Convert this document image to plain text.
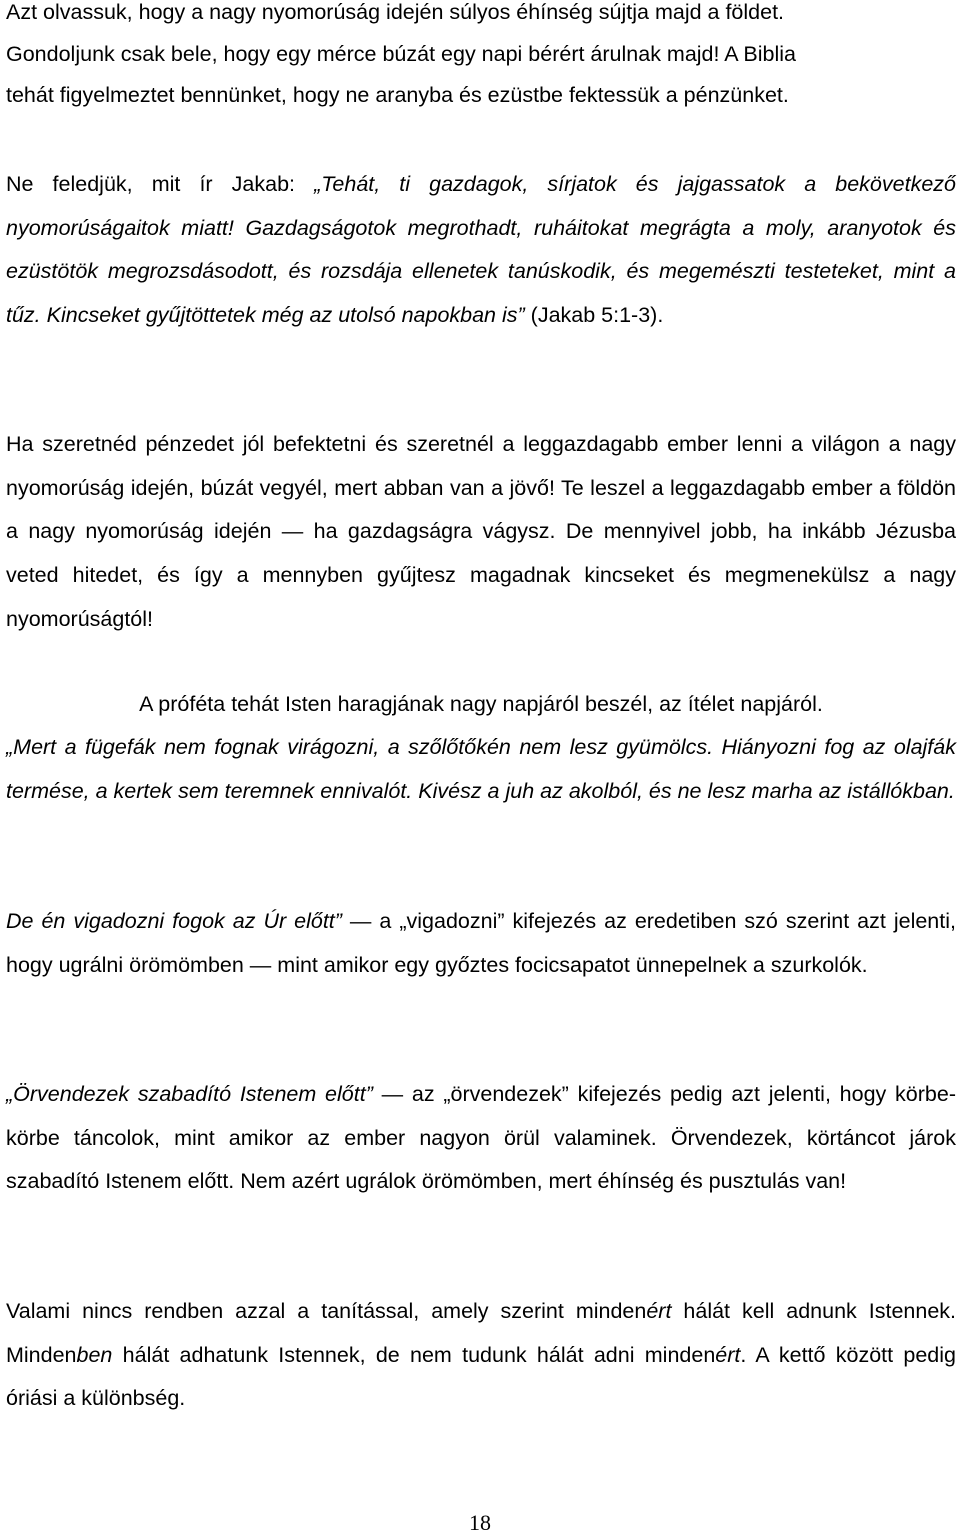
Azt olvassuk, hogy a nagy nyomorúság idején súlyos éhínség sújtja majd a földet.
Gondoljunk csak bele, hogy egy mérce búzát egy napi bérért árulnak majd! A Biblia
tehát figyelmeztet bennünket, hogy ne aranyba és ezüstbe fektessük a pénzünket.

Ne feledjük, mit ír Jakab: „Tehát, ti gazdagok, sírjatok és jajgassatok a bekövetkező nyomorúságaitok miatt! Gazdagságotok megrothadt, ruháitokat megrágta a moly, aranyotok és ezüstötök megrozsdásodott, és rozsdája ellenetek tanúskodik, és megemészti testeteket, mint a tűz. Kincseket gyűjtöttetek még az utolsó napokban is” (Jakab 5:1-3).

Ha szeretnéd pénzedet jól befektetni és szeretnél a leggazdagabb ember lenni a világon a nagy nyomorúság idején, búzát vegyél, mert abban van a jövő! Te leszel a leggazdagabb ember a földön a nagy nyomorúság idején — ha gazdagságra vágysz. De mennyivel jobb, ha inkább Jézusba veted hitedet, és így a mennyben gyűjtesz magadnak kincseket és megmenekülsz a nagy nyomorúságtól!

A próféta tehát Isten haragjának nagy napjáról beszél, az ítélet napjáról.

„Mert a fügefák nem fognak virágozni, a szőlőtőkén nem lesz gyümölcs. Hiányozni fog az olajfák termése, a kertek sem teremnek ennivalót. Kivész a juh az akolból, és ne lesz marha az istállókban.

De én vigadozni fogok az Úr előtt” — a „vigadozni” kifejezés az eredetiben szó szerint azt jelenti, hogy ugrálni örömömben — mint amikor egy győztes focicsapatot ünnepelnek a szurkolók.

„Örvendezek szabadító Istenem előtt” — az „örvendezek” kifejezés pedig azt jelenti, hogy körbe-körbe táncolok, mint amikor az ember nagyon örül valaminek. Örvendezek, körtáncot járok szabadító Istenem előtt. Nem azért ugrálok örömömben, mert éhínség és pusztulás van!

Valami nincs rendben azzal a tanítással, amely szerint mindenért hálát kell adnunk Istennek. Mindenben hálát adhatunk Istennek, de nem tudunk hálát adni mindenért. A kettő között pedig óriási a különbség.

18
